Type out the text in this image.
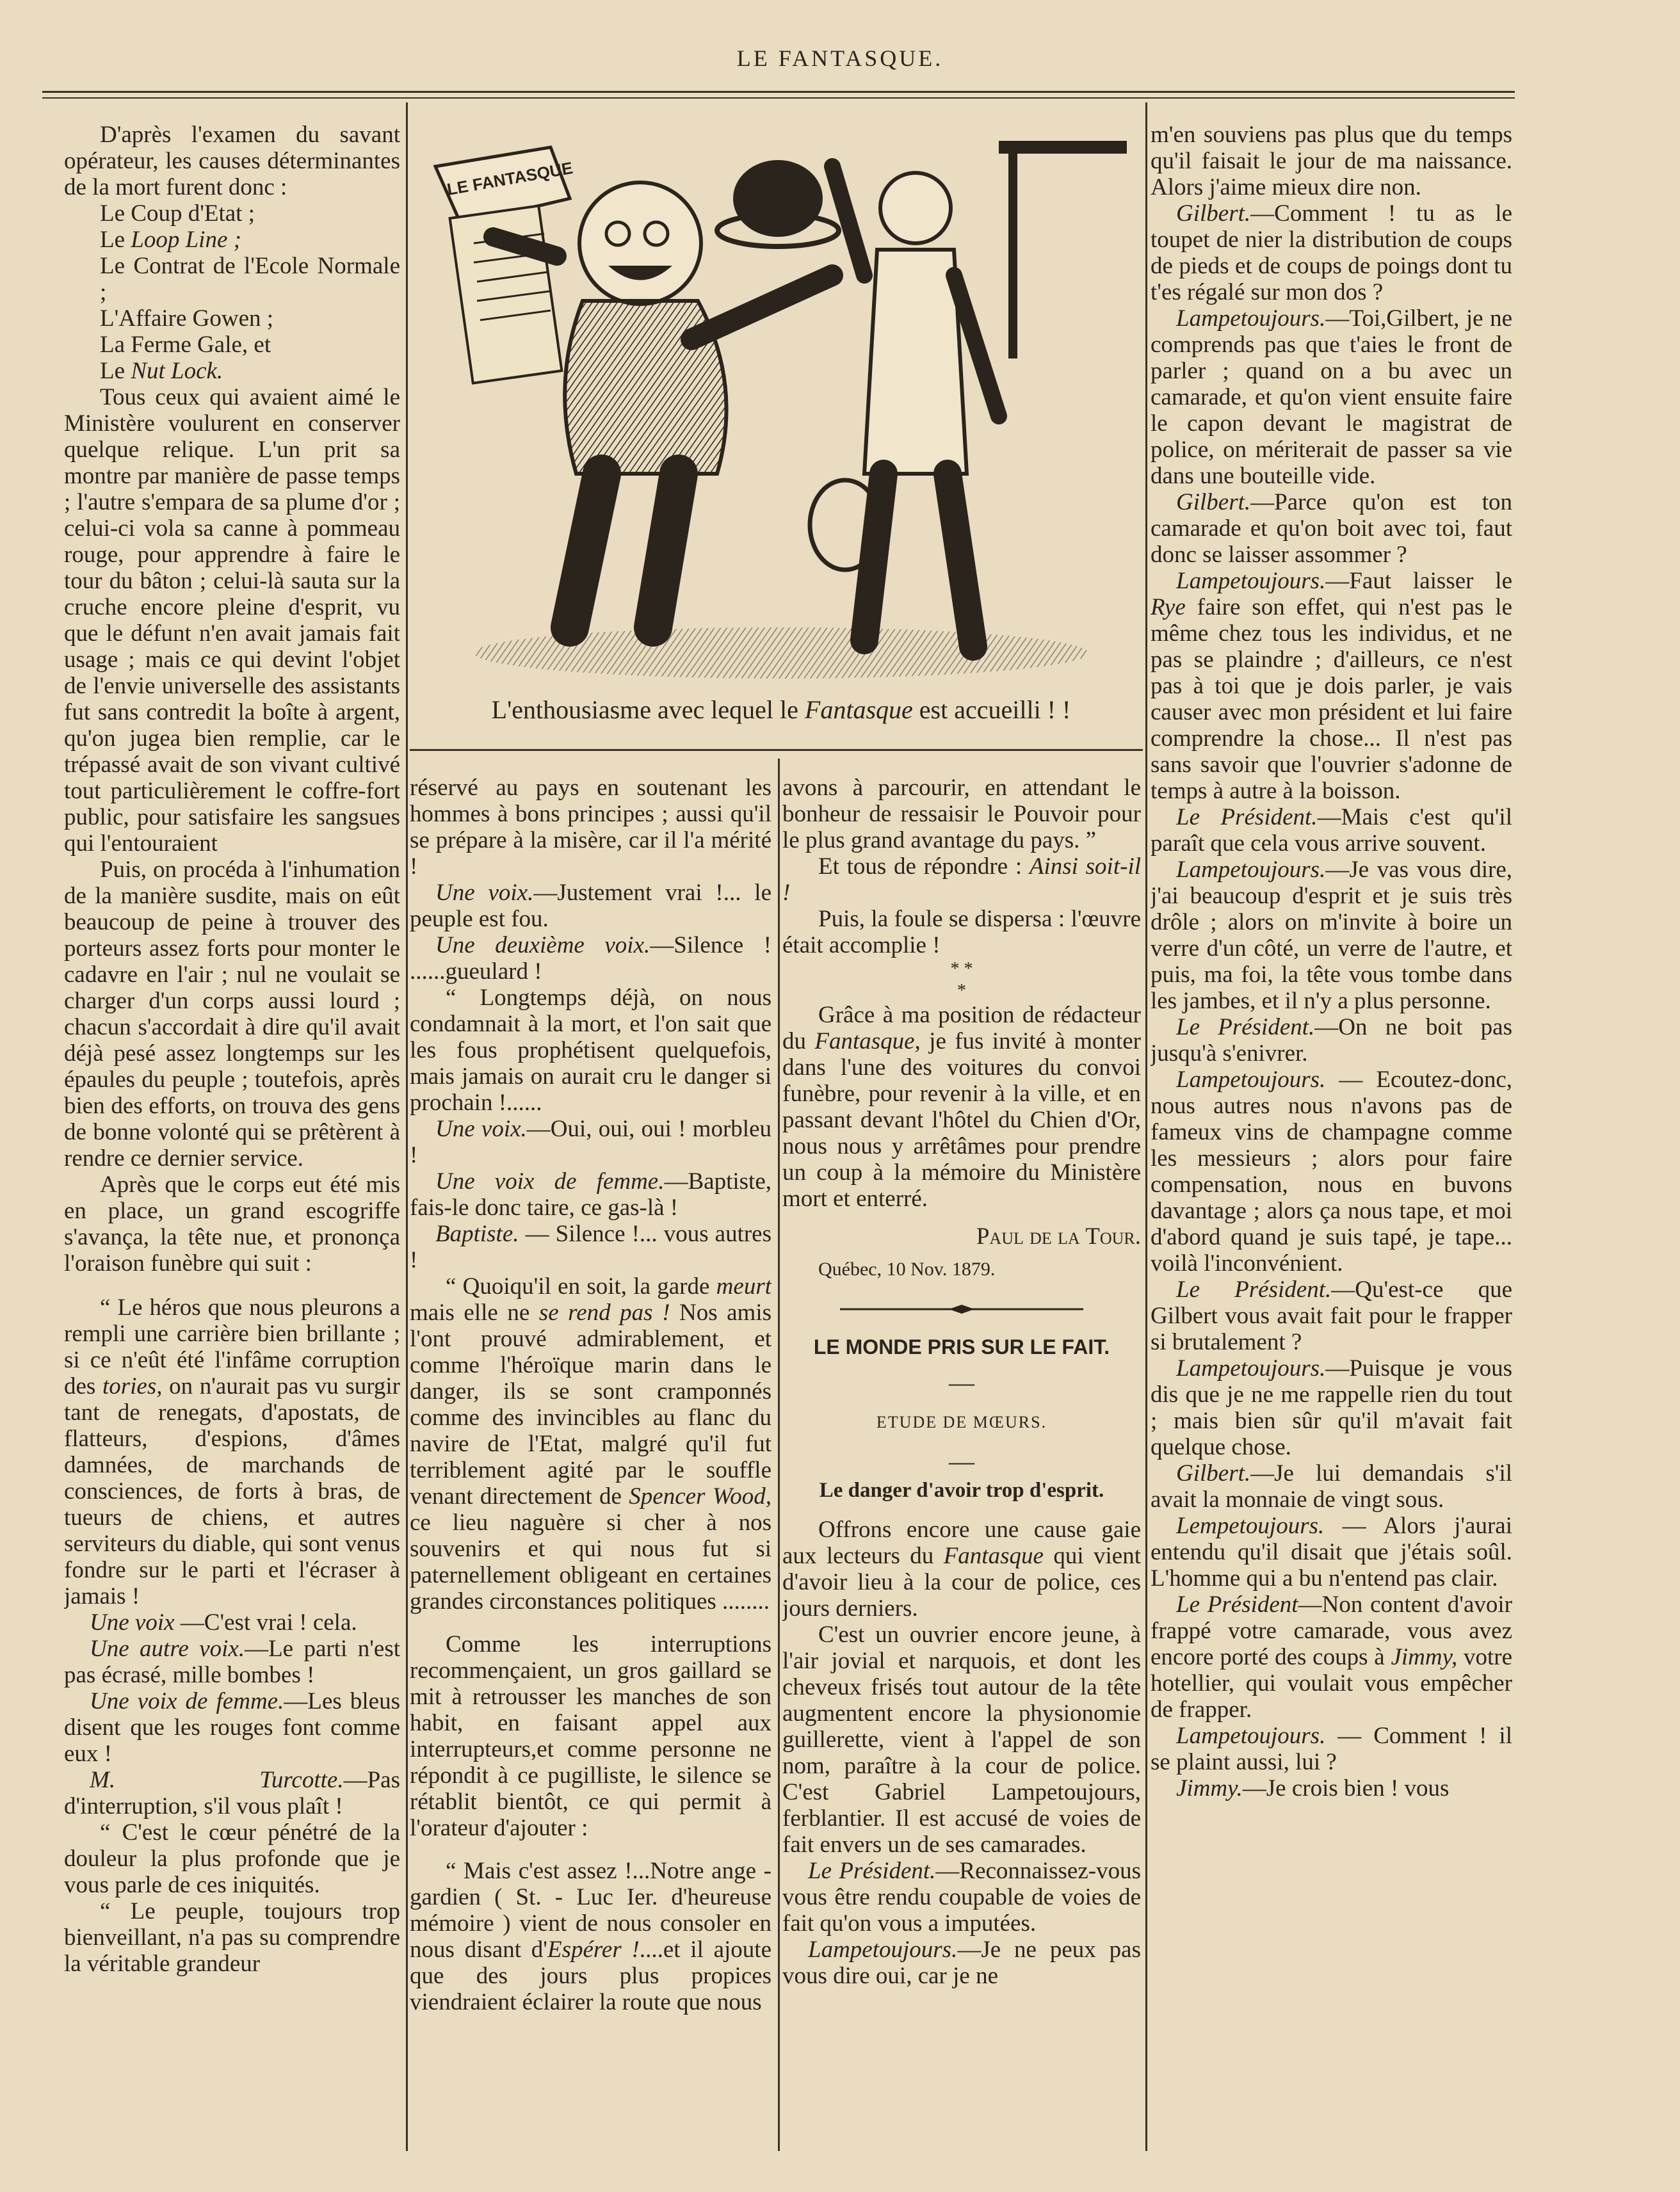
LE FANTASQUE.
LE FANTASQUE
L'enthousiasme avec lequel le Fantasque est accueilli ! !

D'après l'examen du savant opérateur, les causes déterminantes de la mort furent donc :

Le Coup d'Etat ;
Le Loop Line ;
Le Contrat de l'Ecole Normale ;
L'Affaire Gowen ;
La Ferme Gale, et
Le Nut Lock.

Tous ceux qui avaient aimé le Ministère voulurent en conserver quelque relique. L'un prit sa montre par manière de passe temps ; l'autre s'empara de sa plume d'or ; celui-ci vola sa canne à pommeau rouge, pour apprendre à faire le tour du bâton ; celui-là sauta sur la cruche encore pleine d'esprit, vu que le défunt n'en avait jamais fait usage ; mais ce qui devint l'objet de l'envie universelle des assistants fut sans contredit la boîte à argent, qu'on jugea bien remplie, car le trépassé avait de son vivant cultivé tout particulièrement le coffre-fort public, pour satisfaire les sangsues qui l'entouraient

Puis, on procéda à l'inhumation de la manière susdite, mais on eût beaucoup de peine à trouver des porteurs assez forts pour monter le cadavre en l'air ; nul ne voulait se charger d'un corps aussi lourd ; chacun s'accordait à dire qu'il avait déjà pesé assez longtemps sur les épaules du peuple ; toutefois, après bien des efforts, on trouva des gens de bonne volonté qui se prêtèrent à rendre ce dernier service.

Après que le corps eut été mis en place, un grand escogriffe s'avança, la tête nue, et prononça l'oraison funèbre qui suit :

“ Le héros que nous pleurons a rempli une carrière bien brillante ; si ce n'eût été l'infâme corruption des tories, on n'aurait pas vu surgir tant de renegats, d'apostats, de flatteurs, d'espions, d'âmes damnées, de marchands de consciences, de forts à bras, de tueurs de chiens, et autres serviteurs du diable, qui sont venus fondre sur le parti et l'écraser à jamais !

Une voix —C'est vrai ! cela.

Une autre voix.—Le parti n'est pas écrasé, mille bombes !

Une voix de femme.—Les bleus disent que les rouges font comme eux !

M. Turcotte.—Pas d'interruption, s'il vous plaît !

“ C'est le cœur pénétré de la douleur la plus profonde que je vous parle de ces iniquités.

“ Le peuple, toujours trop bienveillant, n'a pas su comprendre la véritable grandeur

réservé au pays en soutenant les hommes à bons principes ; aussi qu'il se prépare à la misère, car il l'a mérité !

Une voix.—Justement vrai !... le peuple est fou.

Une deuxième voix.—Silence ! ......gueulard !

“ Longtemps déjà, on nous condamnait à la mort, et l'on sait que les fous prophétisent quelquefois, mais jamais on aurait cru le danger si prochain !......

Une voix.—Oui, oui, oui ! morbleu !

Une voix de femme.—Baptiste, fais-le donc taire, ce gas-là !

Baptiste. — Silence !... vous autres !

“ Quoiqu'il en soit, la garde meurt mais elle ne se rend pas ! Nos amis l'ont prouvé admirablement, et comme l'héroïque marin dans le danger, ils se sont cramponnés comme des invincibles au flanc du navire de l'Etat, malgré qu'il fut terriblement agité par le souffle venant directement de Spencer Wood, ce lieu naguère si cher à nos souvenirs et qui nous fut si paternellement obligeant en certaines grandes circonstances politiques ........

Comme les interruptions recommençaient, un gros gaillard se mit à retrousser les manches de son habit, en faisant appel aux interrupteurs,et comme personne ne répondit à ce pugilliste, le silence se rétablit bientôt, ce qui permit à l'orateur d'ajouter :

“ Mais c'est assez !...Notre ange - gardien ( St. - Luc Ier. d'heureuse mémoire ) vient de nous consoler en nous disant d'Espérer !....et il ajoute que des jours plus propices viendraient éclairer la route que nous

avons à parcourir, en attendant le bonheur de ressaisir le Pouvoir pour le plus grand avantage du pays. ”

Et tous de répondre : Ainsi soit-il !

Puis, la foule se dispersa : l'œuvre était accomplie !

* *
*

Grâce à ma position de rédacteur du Fantasque, je fus invité à monter dans l'une des voitures du convoi funèbre, pour revenir à la ville, et en passant devant l'hôtel du Chien d'Or, nous nous y arrêtâmes pour prendre un coup à la mémoire du Ministère mort et enterré.

Paul de la Tour.

Québec, 10 Nov. 1879.

LE MONDE PRIS SUR LE FAIT.

—

ETUDE DE MŒURS.

—

Le danger d'avoir trop d'esprit.

Offrons encore une cause gaie aux lecteurs du Fantasque qui vient d'avoir lieu à la cour de police, ces jours derniers.

C'est un ouvrier encore jeune, à l'air jovial et narquois, et dont les cheveux frisés tout autour de la tête augmentent encore la physionomie guillerette, vient à l'appel de son nom, paraître à la cour de police. C'est Gabriel Lampetoujours, ferblantier. Il est accusé de voies de fait envers un de ses camarades.

Le Président.—Reconnaissez-vous vous être rendu coupable de voies de fait qu'on vous a imputées.

Lampetoujours.—Je ne peux pas vous dire oui, car je ne

m'en souviens pas plus que du temps qu'il faisait le jour de ma naissance. Alors j'aime mieux dire non.

Gilbert.—Comment ! tu as le toupet de nier la distribution de coups de pieds et de coups de poings dont tu t'es régalé sur mon dos ?

Lampetoujours.—Toi,Gilbert, je ne comprends pas que t'aies le front de parler ; quand on a bu avec un camarade, et qu'on vient ensuite faire le capon devant le magistrat de police, on mériterait de passer sa vie dans une bouteille vide.

Gilbert.—Parce qu'on est ton camarade et qu'on boit avec toi, faut donc se laisser assommer ?

Lampetoujours.—Faut laisser le Rye faire son effet, qui n'est pas le même chez tous les individus, et ne pas se plaindre ; d'ailleurs, ce n'est pas à toi que je dois parler, je vais causer avec mon président et lui faire comprendre la chose... Il n'est pas sans savoir que l'ouvrier s'adonne de temps à autre à la boisson.

Le Président.—Mais c'est qu'il paraît que cela vous arrive souvent.

Lampetoujours.—Je vas vous dire, j'ai beaucoup d'esprit et je suis très drôle ; alors on m'invite à boire un verre d'un côté, un verre de l'autre, et puis, ma foi, la tête vous tombe dans les jambes, et il n'y a plus personne.

Le Président.—On ne boit pas jusqu'à s'enivrer.

Lampetoujours. — Ecoutez-donc, nous autres nous n'avons pas de fameux vins de champagne comme les messieurs ; alors pour faire compensation, nous en buvons davantage ; alors ça nous tape, et moi d'abord quand je suis tapé, je tape... voilà l'inconvénient.

Le Président.—Qu'est-ce que Gilbert vous avait fait pour le frapper si brutalement ?

Lampetoujours.—Puisque je vous dis que je ne me rappelle rien du tout ; mais bien sûr qu'il m'avait fait quelque chose.

Gilbert.—Je lui demandais s'il avait la monnaie de vingt sous.

Lempetoujours. — Alors j'aurai entendu qu'il disait que j'étais soûl. L'homme qui a bu n'entend pas clair.

Le Président—Non content d'avoir frappé votre camarade, vous avez encore porté des coups à Jimmy, votre hotellier, qui voulait vous empêcher de frapper.

Lampetoujours. — Comment ! il se plaint aussi, lui ?

Jimmy.—Je crois bien ! vous
